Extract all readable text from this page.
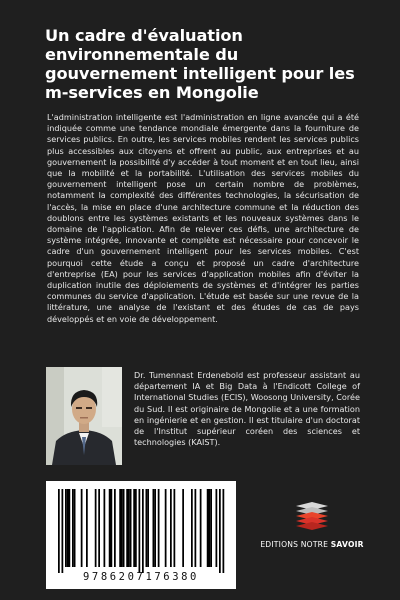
Un cadre d'évaluation environnementale du gouvernement intelligent pour les m-services en Mongolie

L'administration intelligente est l'administration en ligne avancée qui a été indiquée comme une tendance mondiale émergente dans la fourniture de services publics. En outre, les services mobiles rendent les services publics plus accessibles aux citoyens et offrent au public, aux entreprises et au gouvernement la possibilité d'y accéder à tout moment et en tout lieu, ainsi que la mobilité et la portabilité. L'utilisation des services mobiles du gouvernement intelligent pose un certain nombre de problèmes, notamment la complexité des différentes technologies, la sécurisation de l'accès, la mise en place d'une architecture commune et la réduction des doublons entre les systèmes existants et les nouveaux systèmes dans le domaine de l'application. Afin de relever ces défis, une architecture de système intégrée, innovante et complète est nécessaire pour concevoir le cadre d'un gouvernement intelligent pour les services mobiles. C'est pourquoi cette étude a conçu et proposé un cadre d'architecture d'entreprise (EA) pour les services d'application mobiles afin d'éviter la duplication inutile des déploiements de systèmes et d'intégrer les parties communes du service d'application. L'étude est basée sur une revue de la littérature, une analyse de l'existant et des études de cas de pays développés et en voie de développement.

Dr. Tumennast Erdenebold est professeur assistant au département IA et Big Data à l'Endicott College of International Studies (ECIS), Woosong University, Corée du Sud. Il est originaire de Mongolie et a une formation en ingénierie et en gestion. Il est titulaire d'un doctorat de l'Institut supérieur coréen des sciences et technologies (KAIST).

9786207176380
EDITIONS NOTRE SAVOIR
